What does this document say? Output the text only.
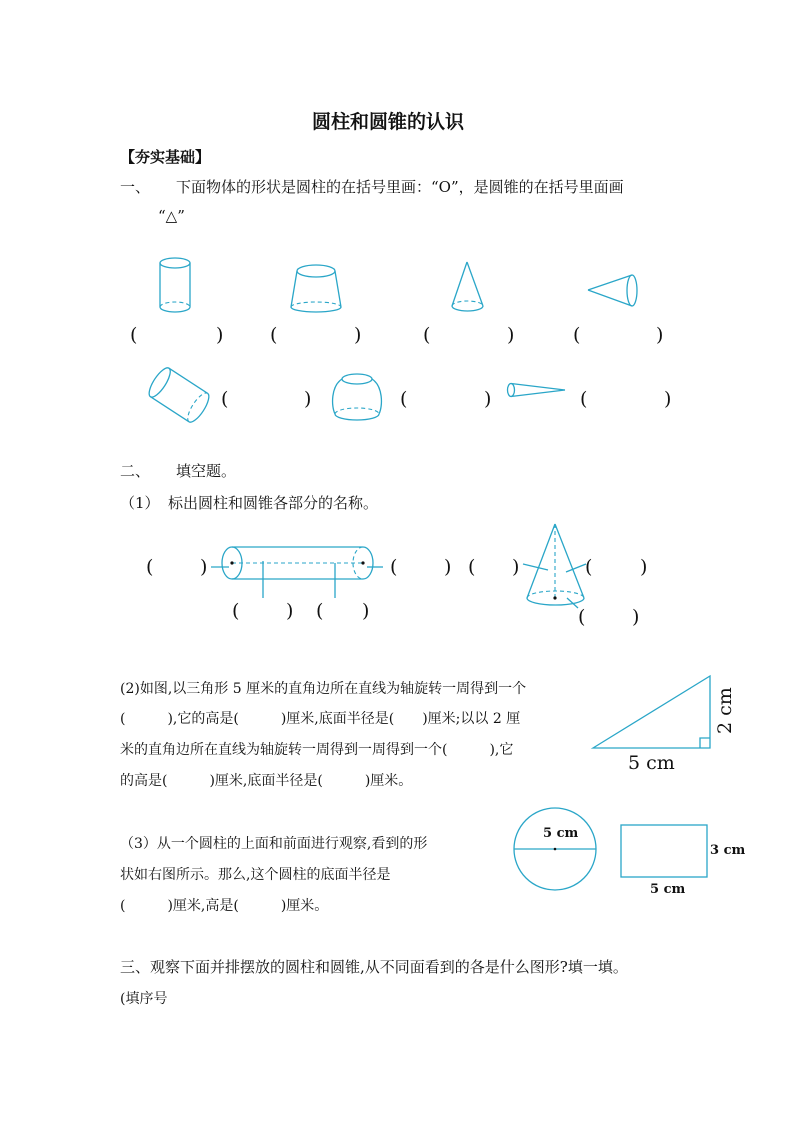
圆柱和圆锥的认识
【夯实基础】
一、 下面物体的形状是圆柱的在括号里画：“O”，是圆锥的在括号里面画
“△”
(	) (	)	(	)	(	)
(	)	(	)	(	)
二、 填空题。
（1） 标出圆柱和圆锥各部分的名称。
( )	( ) ( )	(	)
( ) ( )	( )
(2)如图,以三角形 5 厘米的直角边所在直线为轴旋转一周得到一个
(　　　),它的高是(　　　)厘米,底面半径是(　　)厘米;以以 2 厘
米的直角边所在直线为轴旋转一周得到一周得到一个(　　　),它
的高是(　　　)厘米,底面半径是(　　　)厘米。
5 cm
2 cm
（3）从一个圆柱的上面和前面进行观察,看到的形
状如右图所示。那么,这个圆柱的底面半径是
(　　　)厘米,高是(　　　)厘米。
5 cm
5 cm
3 cm
三、观察下面并排摆放的圆柱和圆锥,从不同面看到的各是什么图形?填一填。
(填序号
